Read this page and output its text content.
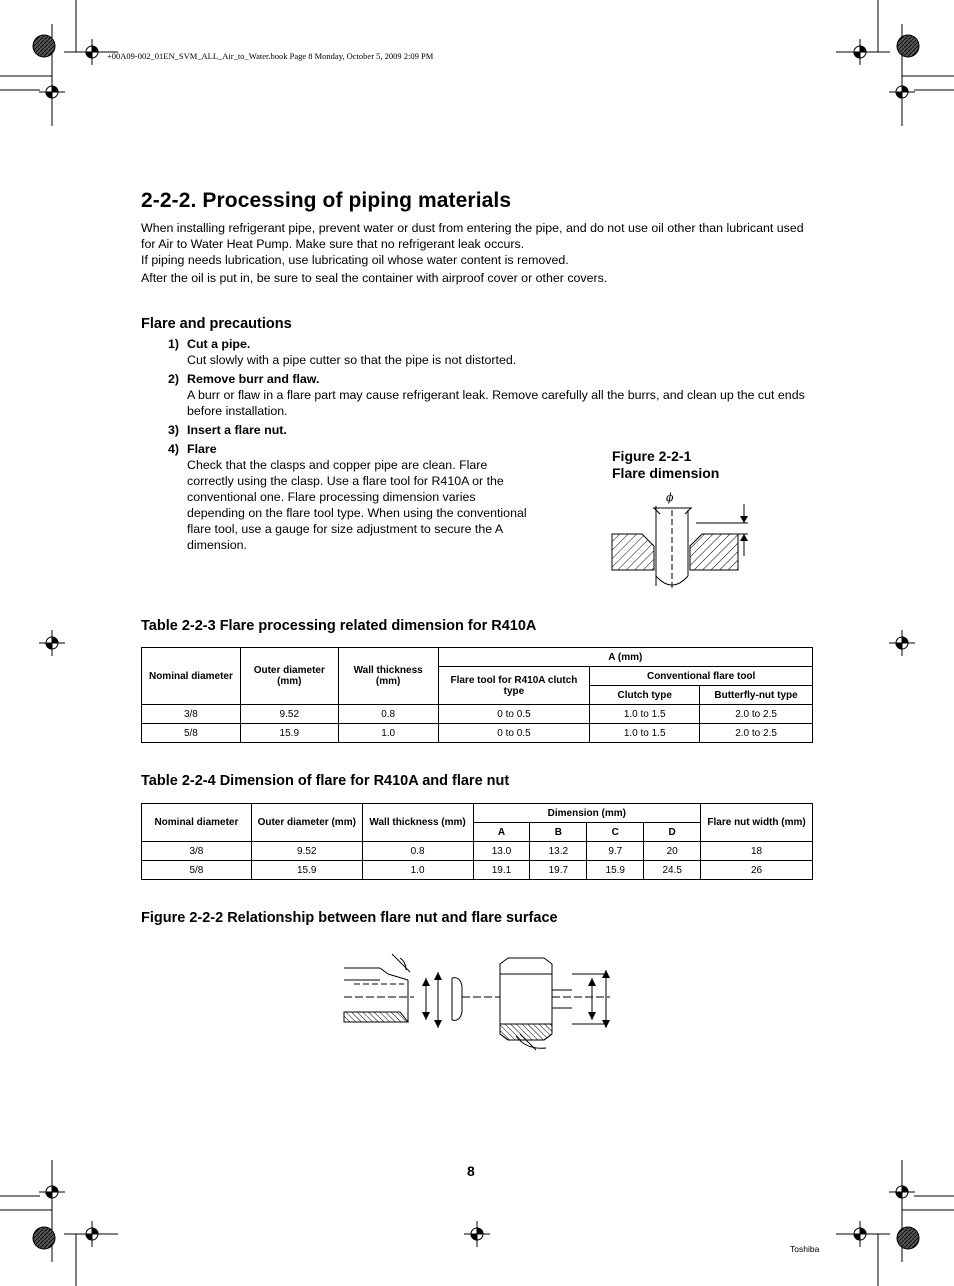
+00A09-002_01EN_SVM_ALL_Air_to_Water.book Page 8 Monday, October 5, 2009 2:09 PM
2-2-2. Processing of piping materials

When installing refrigerant pipe, prevent water or dust from entering the pipe, and do not use oil other than lubricant used for Air to Water Heat Pump. Make sure that no refrigerant leak occurs.

If piping needs lubrication, use lubricating oil whose water content is removed.

After the oil is put in, be sure to seal the container with airproof cover or other covers.

Flare and precautions
1) Cut a pipe.
Cut slowly with a pipe cutter so that the pipe is not distorted.
2) Remove burr and flaw.
A burr or flaw in a flare part may cause refrigerant leak. Remove carefully all the burrs, and clean up the cut ends before installation.
3) Insert a flare nut.
4) Flare
Check that the clasps and copper pipe are clean. Flare correctly using the clasp. Use a flare tool for R410A or the conventional one. Flare processing dimension varies depending on the flare tool type. When using the conventional flare tool, use a gauge for size adjustment to secure the A dimension.
Figure 2-2-1
Flare dimension
ϕ
Table 2-2-3 Flare processing related dimension for R410A
Nominal diameter	Outer diameter (mm)	Wall thickness (mm)	A (mm)		
			Flare tool for R410A clutch type	Conventional flare tool	
				Clutch type	Butterfly-nut type
3/8	9.52	0.8	0 to 0.5	1.0 to 1.5	2.0 to 2.5
5/8	15.9	1.0	0 to 0.5	1.0 to 1.5	2.0 to 2.5
Table 2-2-4 Dimension of flare for R410A and flare nut
Nominal diameter	Outer diameter (mm)	Wall thickness (mm)	Dimension (mm)				Flare nut width (mm)
			A	B	C	D	
3/8	9.52	0.8	13.0	13.2	9.7	20	18
5/8	15.9	1.0	19.1	19.7	15.9	24.5	26
Figure 2-2-2 Relationship between flare nut and flare surface
8
Toshiba
